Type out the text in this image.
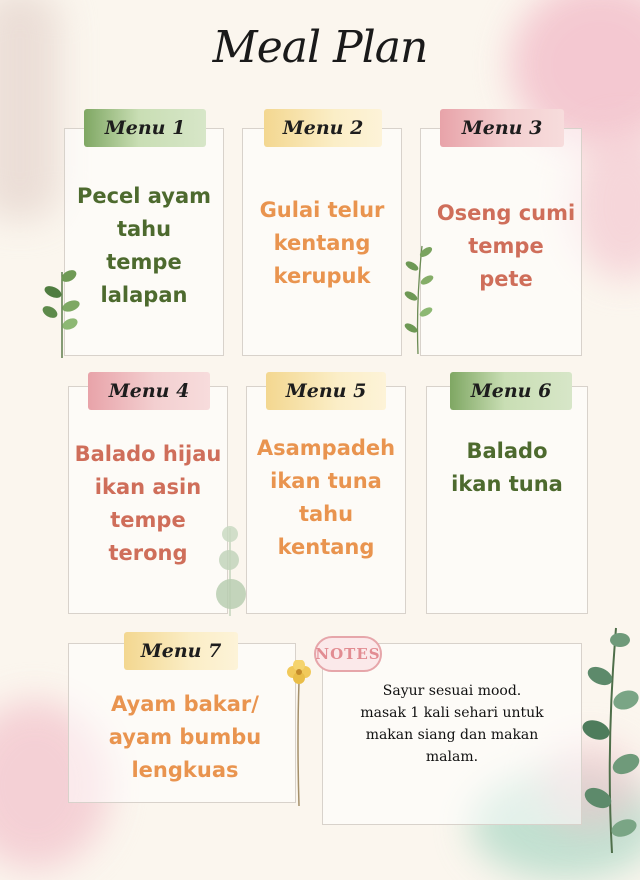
Meal Plan
Menu 1
Pecel ayam
tahu
tempe
lalapan
Menu 2
Gulai telur
kentang
kerupuk
Menu 3
Oseng cumi
tempe
pete
Menu 4
Balado hijau
ikan asin
tempe
terong
Menu 5
Asampadeh
ikan tuna
tahu
kentang
Menu 6
Balado
ikan tuna
Menu 7
Ayam bakar/
ayam bumbu
lengkuas
NOTES
Sayur sesuai mood.
masak 1 kali sehari untuk
makan siang dan makan
malam.
